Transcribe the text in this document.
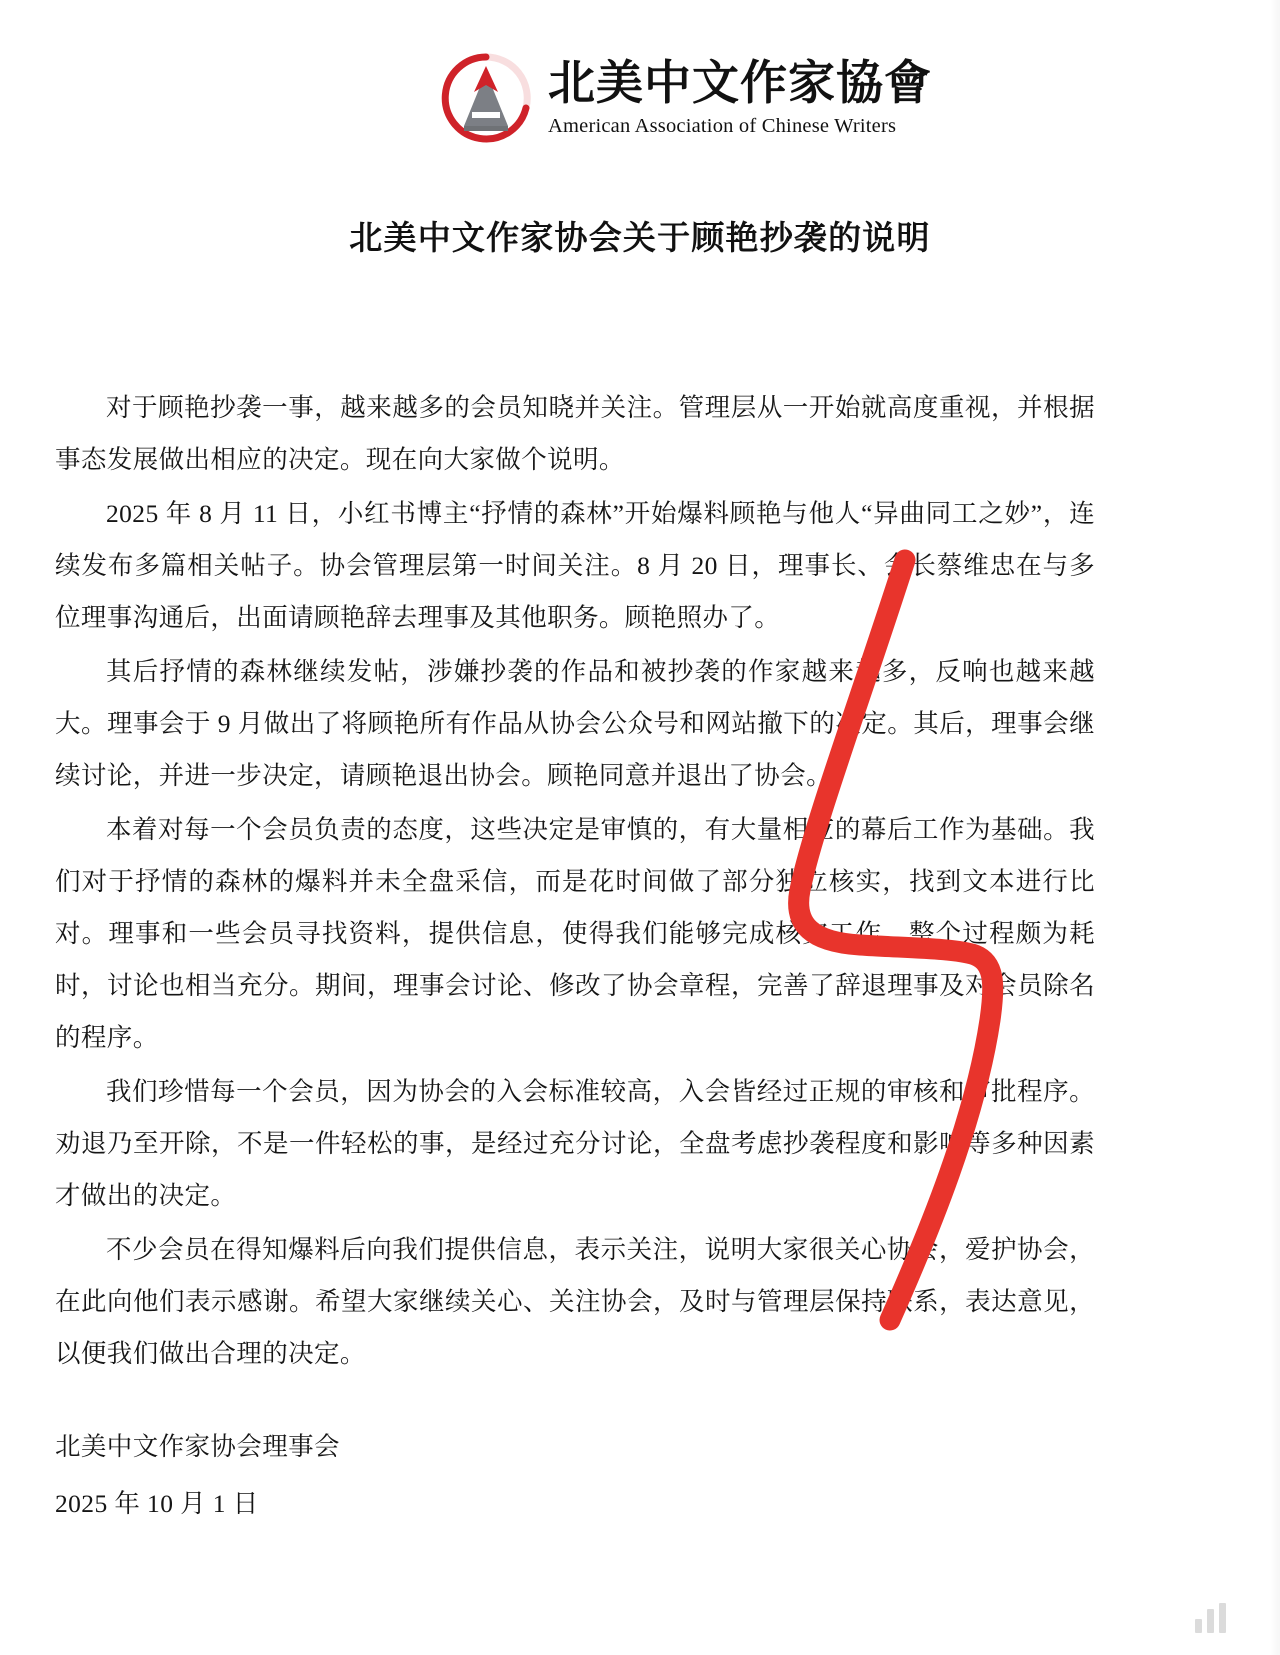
北美中文作家協會
American Association of Chinese Writers
北美中文作家协会关于顾艳抄袭的说明

对于顾艳抄袭一事，越来越多的会员知晓并关注。管理层从一开始就高度重视，并根据事态发展做出相应的决定。现在向大家做个说明。

2025 年 8 月 11 日，小红书博主“抒情的森林”开始爆料顾艳与他人“异曲同工之妙”，连续发布多篇相关帖子。协会管理层第一时间关注。8 月 20 日，理事长、会长蔡维忠在与多位理事沟通后，出面请顾艳辞去理事及其他职务。顾艳照办了。

其后抒情的森林继续发帖，涉嫌抄袭的作品和被抄袭的作家越来越多，反响也越来越大。理事会于 9 月做出了将顾艳所有作品从协会公众号和网站撤下的决定。其后，理事会继续讨论，并进一步决定，请顾艳退出协会。顾艳同意并退出了协会。

本着对每一个会员负责的态度，这些决定是审慎的，有大量相应的幕后工作为基础。我们对于抒情的森林的爆料并未全盘采信，而是花时间做了部分独立核实，找到文本进行比对。理事和一些会员寻找资料，提供信息，使得我们能够完成核实工作。整个过程颇为耗时，讨论也相当充分。期间，理事会讨论、修改了协会章程，完善了辞退理事及对会员除名的程序。

我们珍惜每一个会员，因为协会的入会标准较高，入会皆经过正规的审核和审批程序。劝退乃至开除，不是一件轻松的事，是经过充分讨论，全盘考虑抄袭程度和影响等多种因素才做出的决定。

不少会员在得知爆料后向我们提供信息，表示关注，说明大家很关心协会，爱护协会，在此向他们表示感谢。希望大家继续关心、关注协会，及时与管理层保持联系，表达意见，以便我们做出合理的决定。

北美中文作家协会理事会
2025 年 10 月 1 日
